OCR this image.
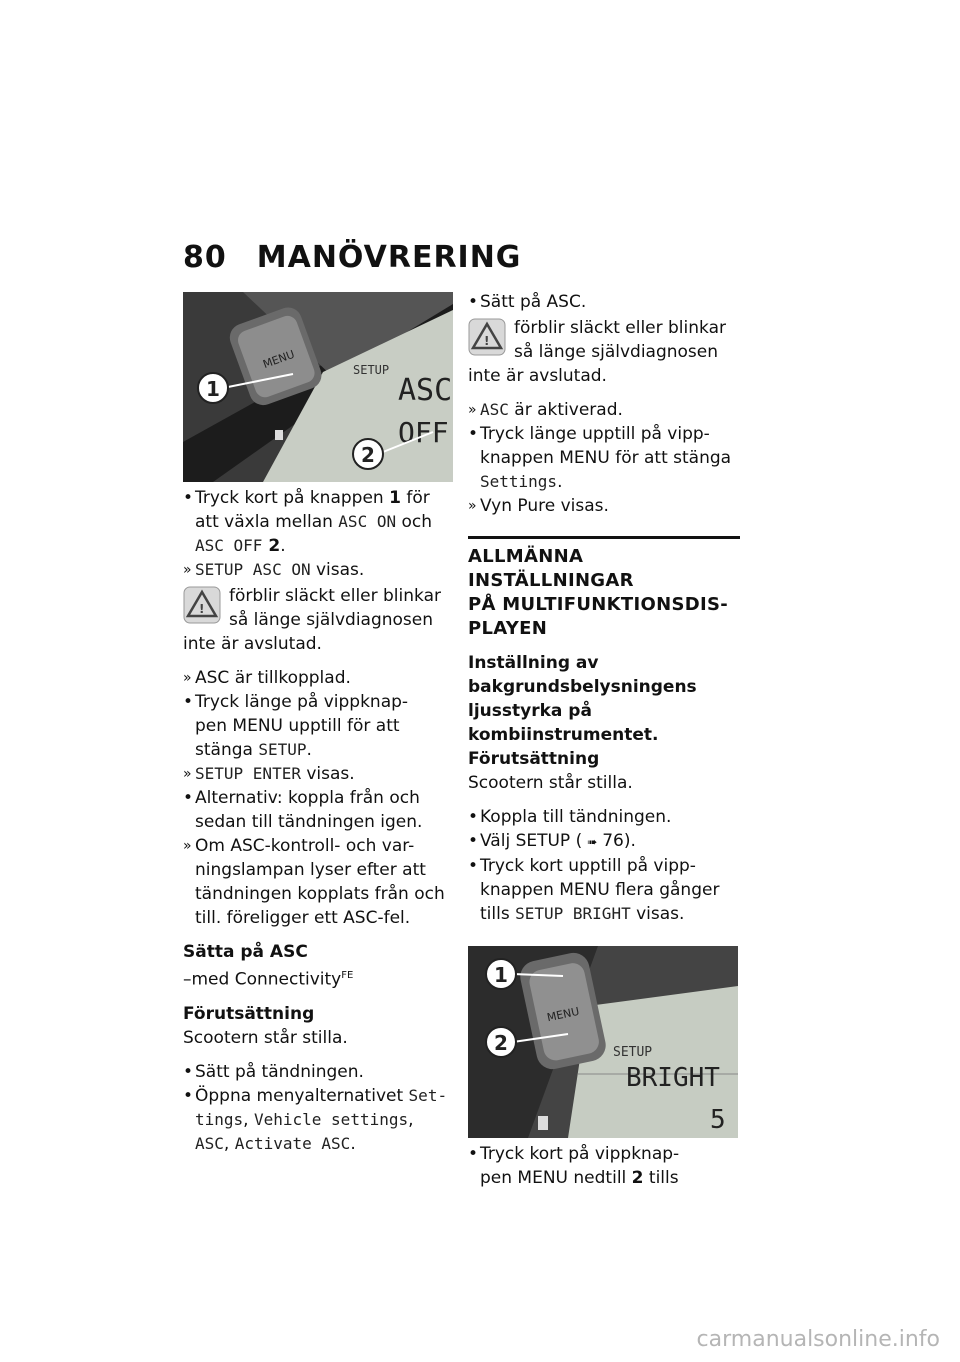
80 MANÖVRERING
SETUP
ASC
OFF
MENU
1
2
• Tryck kort på knappen 1 för
att växla mellan ASC ON och
ASC OFF 2.
» SETUP ASC ON visas.
!
förblir släckt eller blinkar
så länge självdiagnosen
inte är avslutad.
» ASC är tillkopplad.
• Tryck länge på vippknap-
pen MENU upptill för att
stänga SETUP.
» SETUP ENTER visas.
• Alternativ: koppla från och
sedan till tändningen igen.
» Om ASC-kontroll- och var-
ningslampan lyser efter att
tändningen kopplats från och
till. föreligger ett ASC-fel.
Sätta på ASC
–med Connectivity$^{FE}$
Förutsättning
Scootern står stilla.
• Sätt på tändningen.
• Öppna menyalternativet Set-
tings, Vehicle settings,
ASC, Activate ASC.
• Sätt på ASC.
!
förblir släckt eller blinkar
så länge självdiagnosen
inte är avslutad.
» ASC är aktiverad.
• Tryck länge upptill på vipp-
knappen MENU för att stänga
Settings.
» Vyn Pure visas.
ALLMÄNNA INSTÄLLNINGAR
PÅ MULTIFUNKTIONSDIS-
PLAYEN
Inställning av
bakgrundsbelysningens
ljusstyrka på
kombiinstrumentet.
Förutsättning
Scootern står stilla.
• Koppla till tändningen.
• Välj SETUP ( ➠ 76).
• Tryck kort upptill på vipp-
knappen MENU flera gånger
tills SETUP BRIGHT visas.
SETUP
BRIGHT
5
MENU
1
2
• Tryck kort på vippknap-
pen MENU nedtill 2 tills
carmanualsonline.info
